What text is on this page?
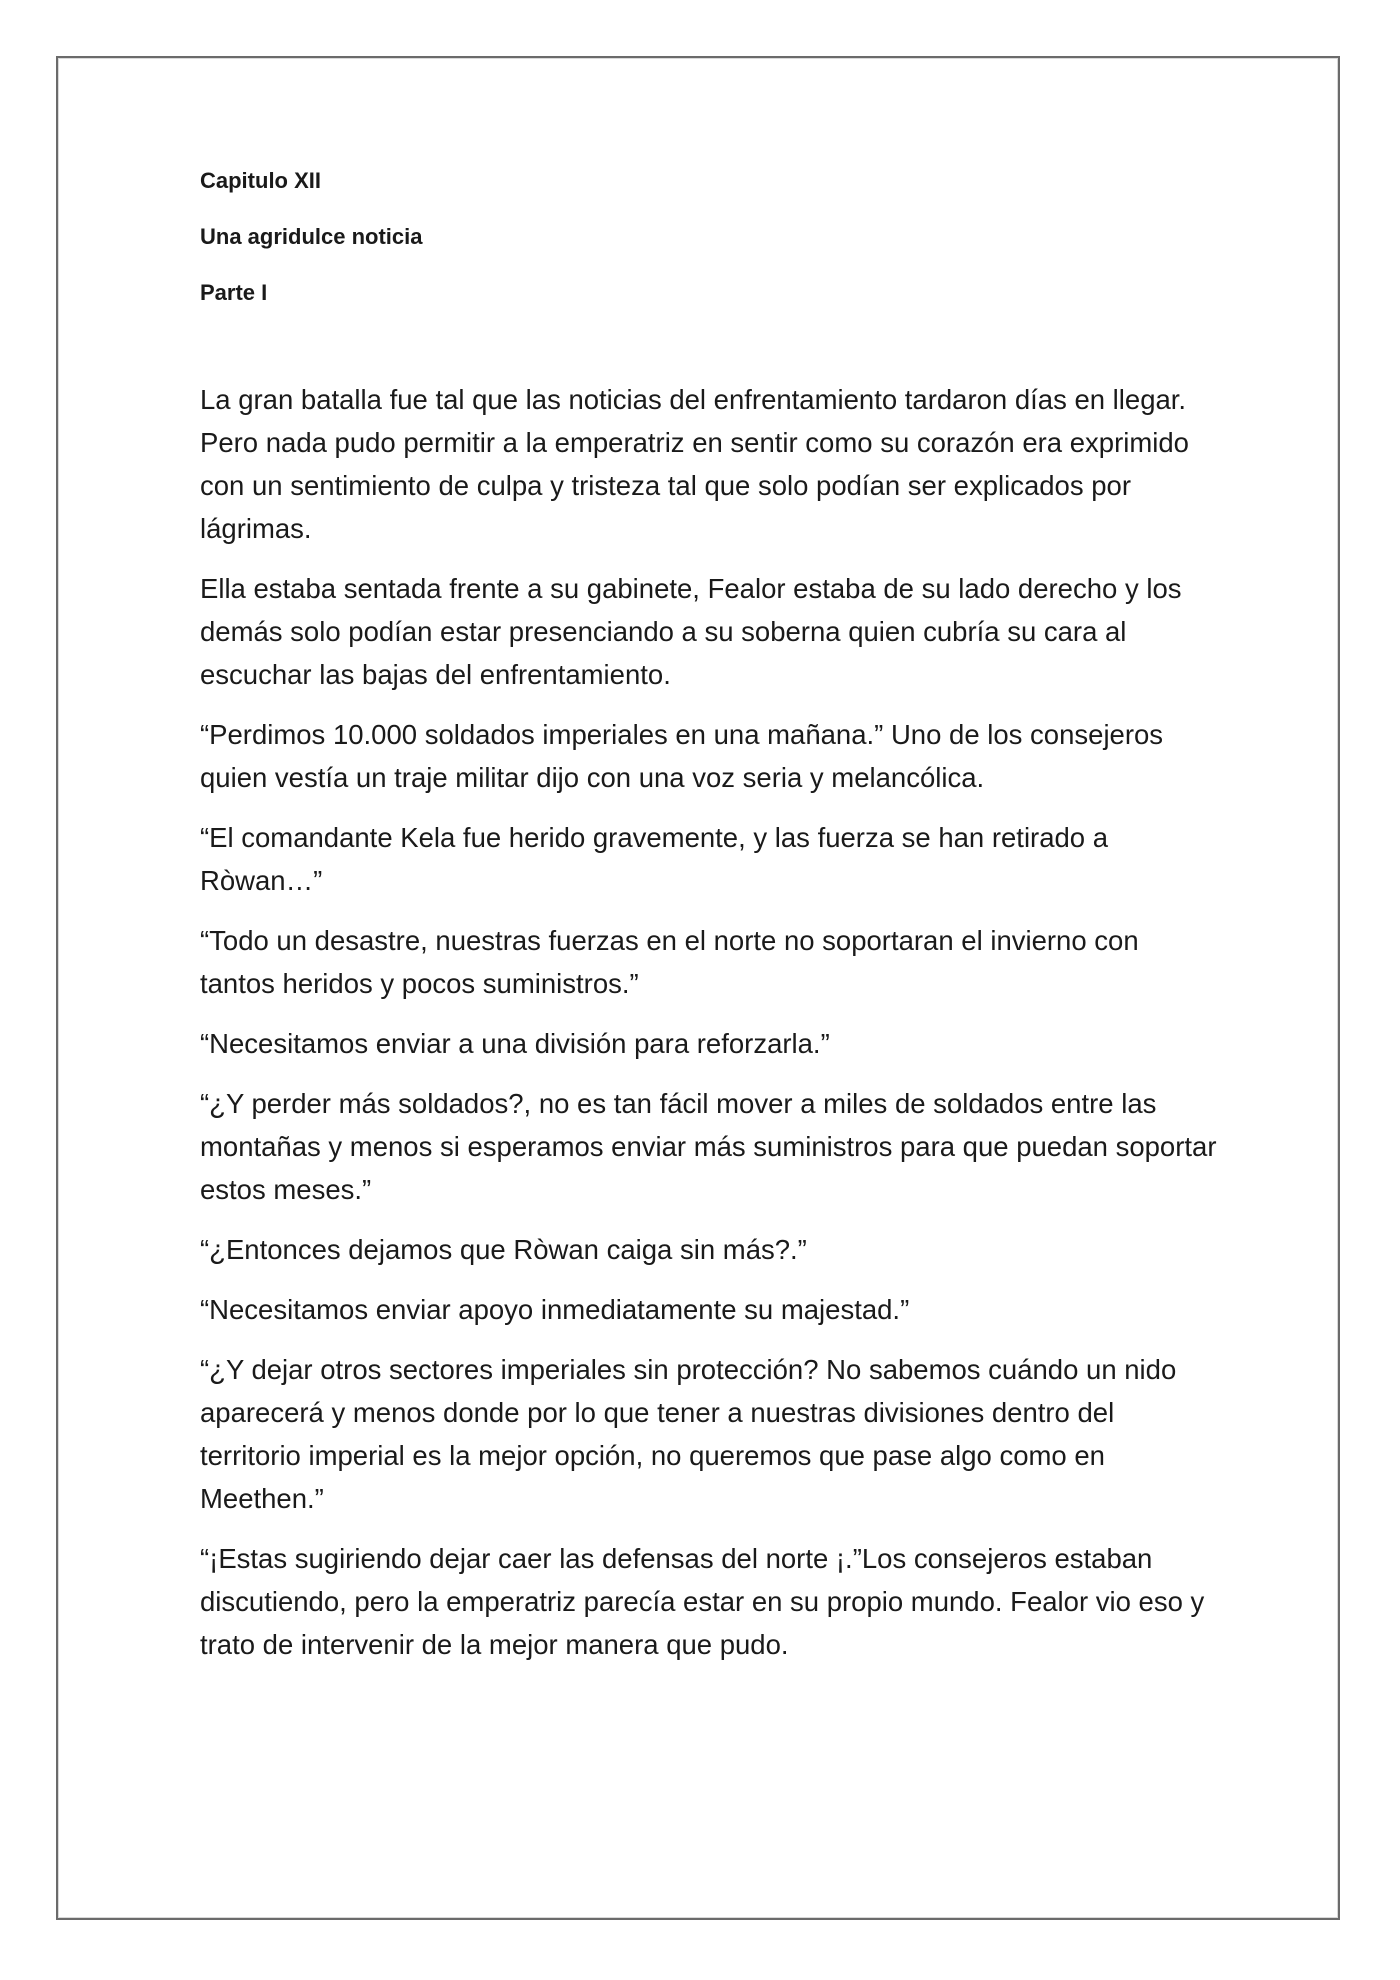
Capitulo XII
Una agridulce noticia
Parte I

La gran batalla fue tal que las noticias del enfrentamiento tardaron días en llegar. Pero nada pudo permitir a la emperatriz en sentir como su corazón era exprimido con un sentimiento de culpa y tristeza tal que solo podían ser explicados por lágrimas.

Ella estaba sentada frente a su gabinete, Fealor estaba de su lado derecho y los demás solo podían estar presenciando a su soberna quien cubría su cara al escuchar las bajas del enfrentamiento.

“Perdimos 10.000 soldados imperiales en una mañana.” Uno de los consejeros quien vestía un traje militar dijo con una voz seria y melancólica.

“El comandante Kela fue herido gravemente, y las fuerza se han retirado a Ròwan…”

“Todo un desastre, nuestras fuerzas en el norte no soportaran el invierno con tantos heridos y pocos suministros.”

“Necesitamos enviar a una división para reforzarla.”

“¿Y perder más soldados?, no es tan fácil mover a miles de soldados entre las montañas y menos si esperamos enviar más suministros para que puedan soportar estos meses.”

“¿Entonces dejamos que Ròwan caiga sin más?.”

“Necesitamos enviar apoyo inmediatamente su majestad.”

“¿Y dejar otros sectores imperiales sin protección? No sabemos cuándo un nido aparecerá y menos donde por lo que tener a nuestras divisiones dentro del territorio imperial es la mejor opción, no queremos que pase algo como en Meethen.”

“¡Estas sugiriendo dejar caer las defensas del norte ¡.”Los consejeros estaban discutiendo, pero la emperatriz parecía estar en su propio mundo. Fealor vio eso y trato de intervenir de la mejor manera que pudo.
